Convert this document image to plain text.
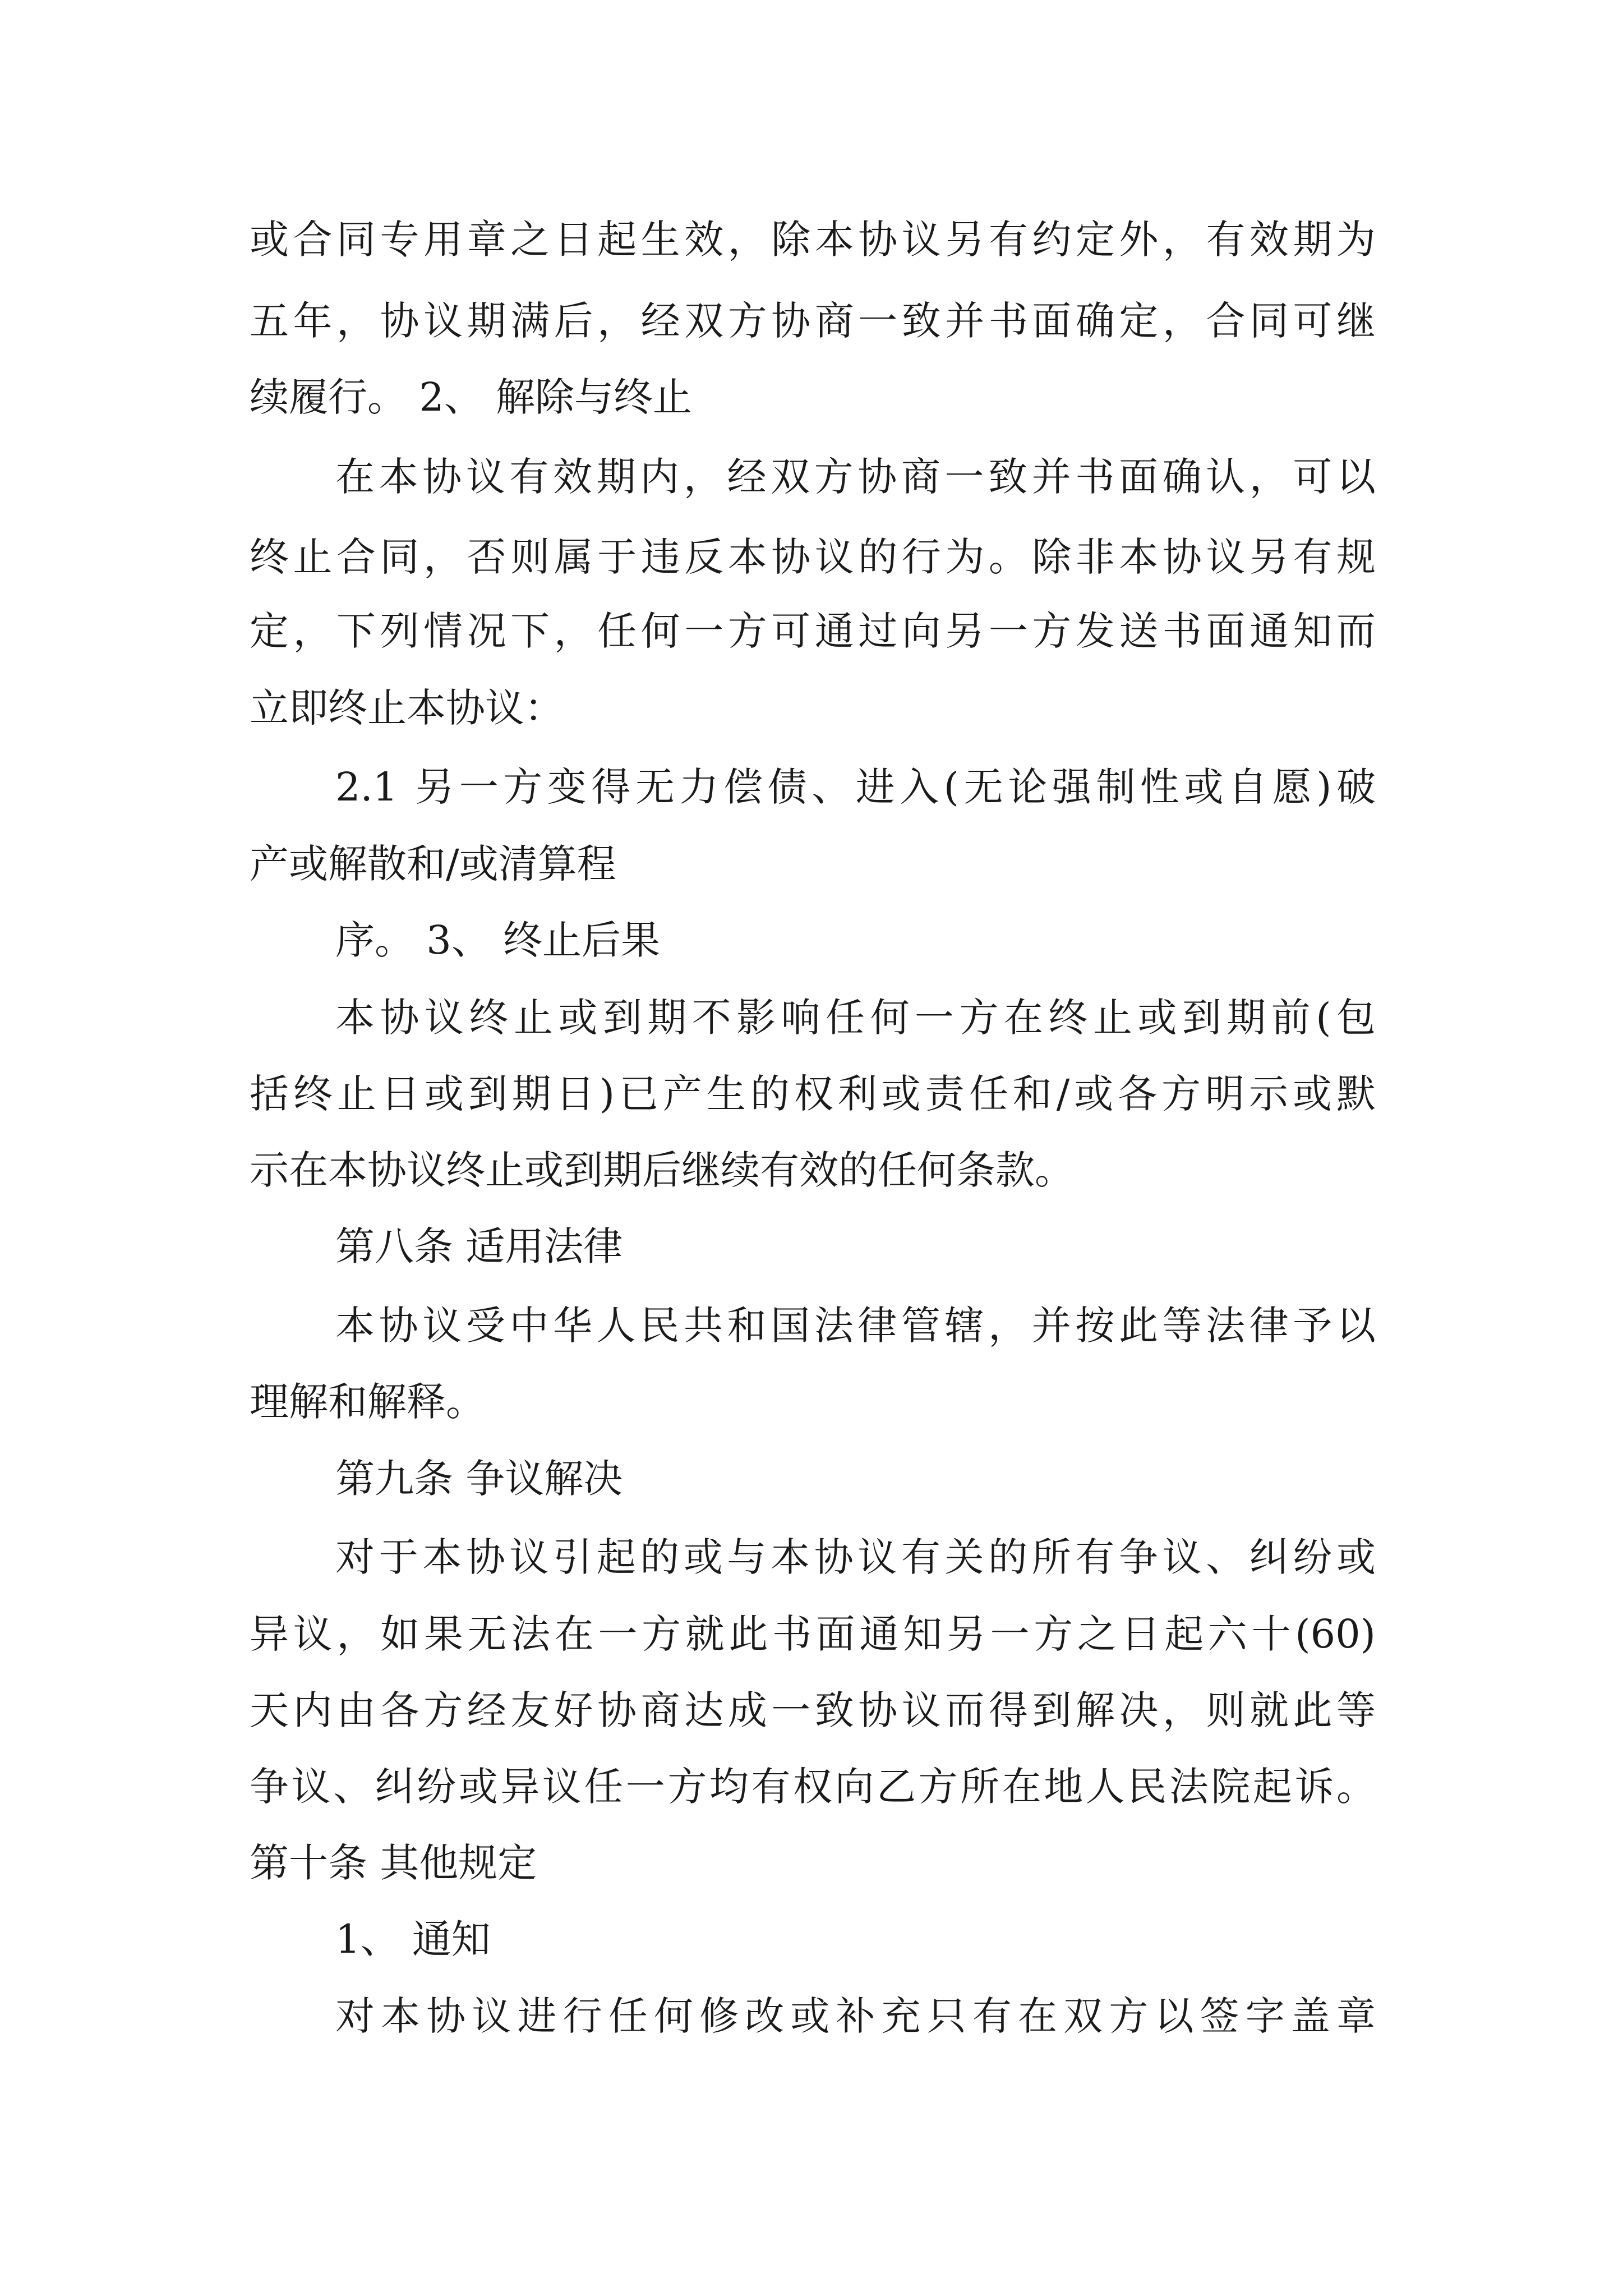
或合同专用章之日起生效，除本协议另有约定外，有效期为

五年，协议期满后，经双方协商一致并书面确定，合同可继

续履行。 2、 解除与终止

在本协议有效期内，经双方协商一致并书面确认，可以

终止合同，否则属于违反本协议的行为。除非本协议另有规

定，下列情况下，任何一方可通过向另一方发送书面通知而

立即终止本协议：

2.1 另一方变得无力偿债、进入(无论强制性或自愿)破

产或解散和/或清算程

序。 3、 终止后果

本协议终止或到期不影响任何一方在终止或到期前(包

括终止日或到期日)已产生的权利或责任和/或各方明示或默

示在本协议终止或到期后继续有效的任何条款。

第八条 适用法律

本协议受中华人民共和国法律管辖，并按此等法律予以

理解和解释。

第九条 争议解决

对于本协议引起的或与本协议有关的所有争议、纠纷或

异议，如果无法在一方就此书面通知另一方之日起六十(60)

天内由各方经友好协商达成一致协议而得到解决，则就此等

争议、纠纷或异议任一方均有权向乙方所在地人民法院起诉。

第十条 其他规定

1、 通知

对本协议进行任何修改或补充只有在双方以签字盖章
